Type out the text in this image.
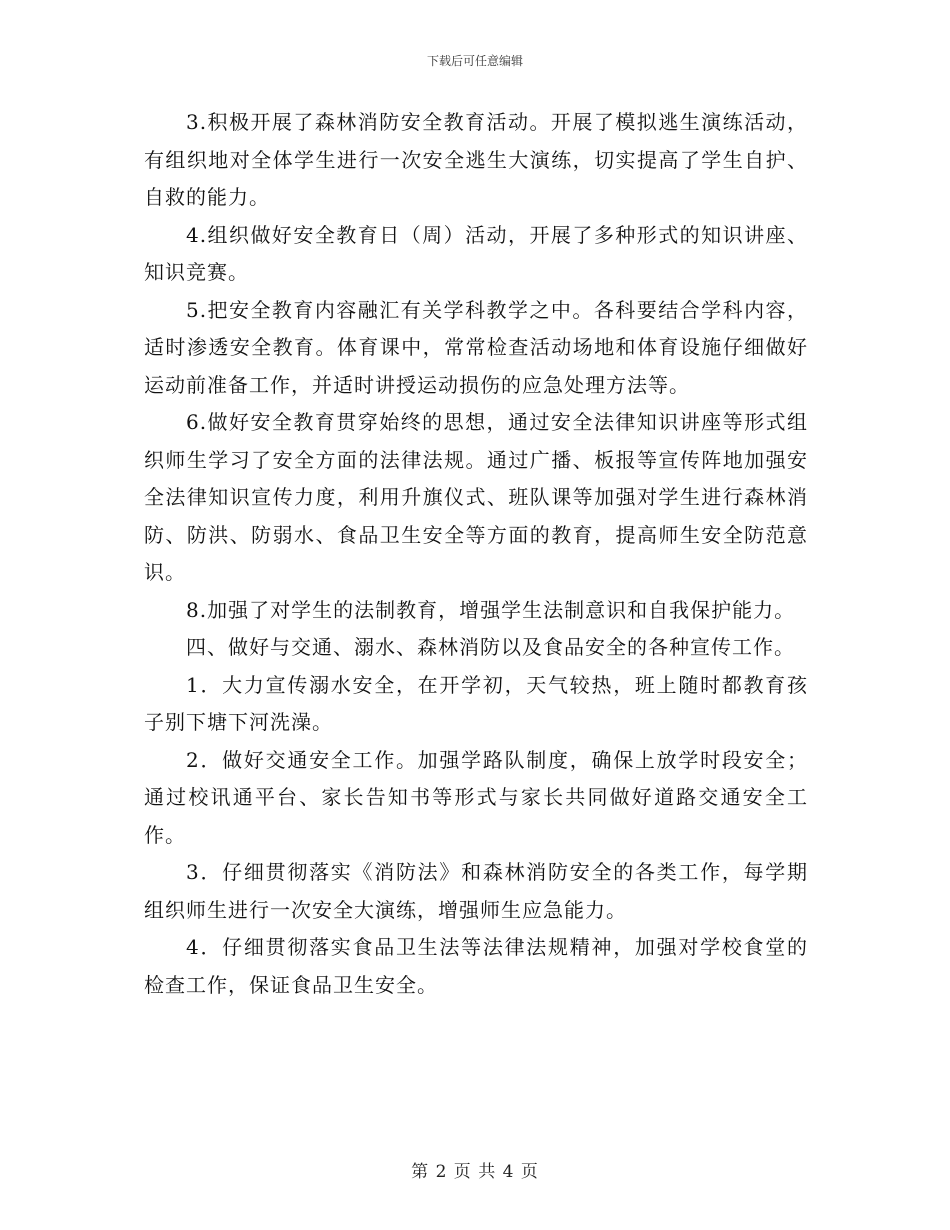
下载后可任意编辑

3.积极开展了森林消防安全教育活动。开展了模拟逃生演练活动，有组织地对全体学生进行一次安全逃生大演练，切实提高了学生自护、自救的能力。

4.组织做好安全教育日（周）活动，开展了多种形式的知识讲座、知识竞赛。

5.把安全教育内容融汇有关学科教学之中。各科要结合学科内容，适时渗透安全教育。体育课中，常常检查活动场地和体育设施仔细做好运动前准备工作，并适时讲授运动损伤的应急处理方法等。

6.做好安全教育贯穿始终的思想，通过安全法律知识讲座等形式组织师生学习了安全方面的法律法规。通过广播、板报等宣传阵地加强安全法律知识宣传力度，利用升旗仪式、班队课等加强对学生进行森林消防、防洪、防弱水、食品卫生安全等方面的教育，提高师生安全防范意识。

8.加强了对学生的法制教育，增强学生法制意识和自我保护能力。

四、做好与交通、溺水、森林消防以及食品安全的各种宣传工作。

1．大力宣传溺水安全，在开学初，天气较热，班上随时都教育孩子别下塘下河洗澡。

2．做好交通安全工作。加强学路队制度，确保上放学时段安全；通过校讯通平台、家长告知书等形式与家长共同做好道路交通安全工作。

3．仔细贯彻落实《消防法》和森林消防安全的各类工作，每学期组织师生进行一次安全大演练，增强师生应急能力。

4．仔细贯彻落实食品卫生法等法律法规精神，加强对学校食堂的检查工作，保证食品卫生安全。

第 2 页 共 4 页
